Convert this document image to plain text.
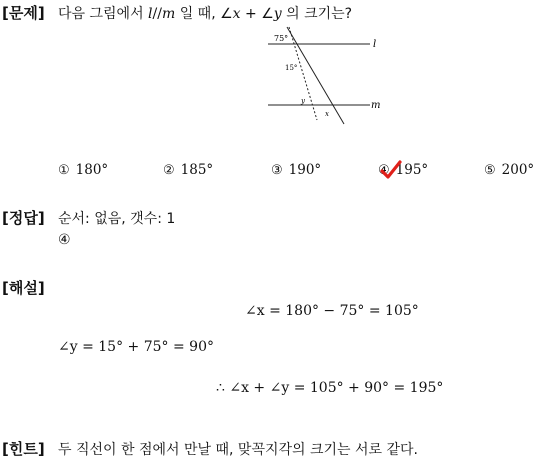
[문제] 다음 그림에서 l//m 일 때, ∠x + ∠y 의 크기는?
75°
15°
y
x
l
m
① 180°	② 185°	③ 190°	④ 195°	⑤ 200°
[정답] 순서: 없음, 갯수: 1
④
[해설]
∠x = 180° − 75° = 105°
∠y = 15° + 75° = 90°
∴ ∠x + ∠y = 105° + 90° = 195°
[힌트] 두 직선이 한 점에서 만날 때, 맞꼭지각의 크기는 서로 같다.
